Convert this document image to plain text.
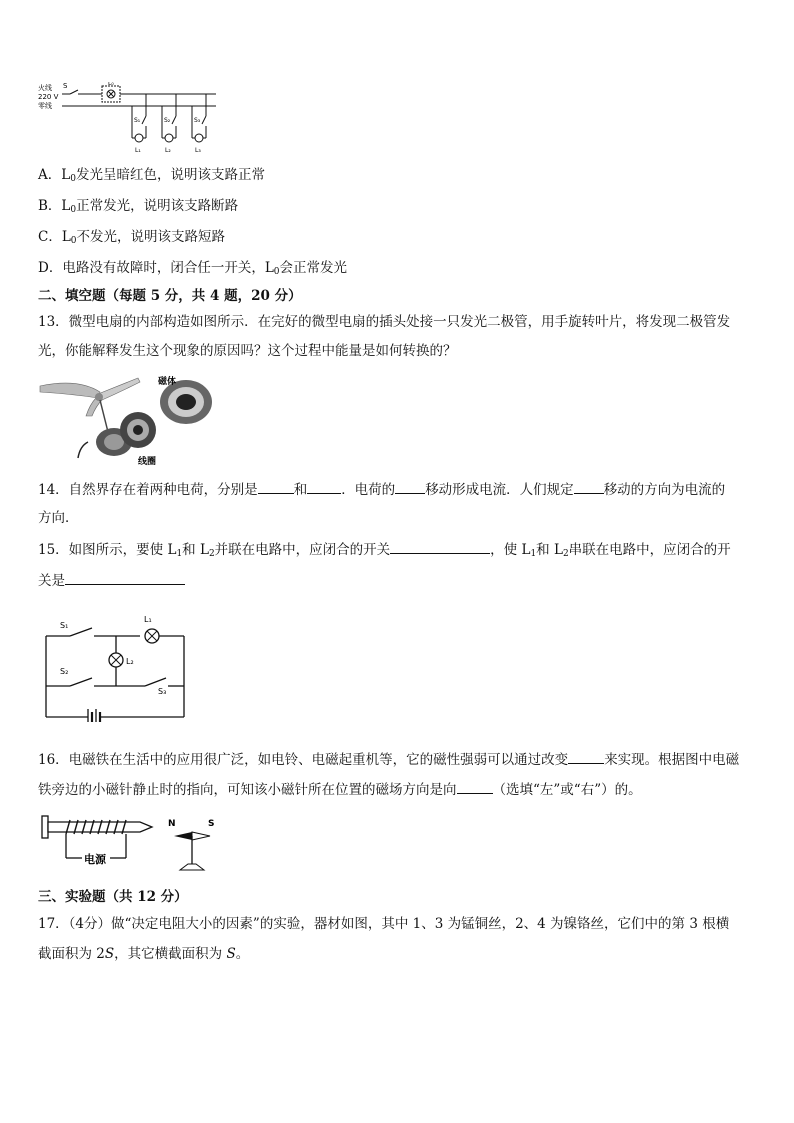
火线
220 V
零线
S	L₀
S₁
L₁
S₂
L₂
S₃
L₃
A．$L_0$发光呈暗红色，说明该支路正常
B．$L_0$正常发光，说明该支路断路
C．$L_0$不发光，说明该支路短路
D．电路没有故障时，闭合任一开关，$L_0$会正常发光
二、填空题（每题 5 分，共 4 题，20 分）
13．微型电扇的内部构造如图所示．在完好的微型电扇的插头处接一只发光二极管，用手旋转叶片，将发现二极管发
光，你能解释发生这个现象的原因吗？这个过程中能量是如何转换的？
磁体
线圈
14．自然界存在着两种电荷，分别是	和	．电荷的 移动形成电流．人们规定 移动的方向为电流的
方向．
15．如图所示，要使 $L_1$和 $L_2$并联在电路中，应闭合的开关	，使 $L_1$和 $L_2$串联在电路中，应闭合的开
关是
S₁
S₂
S₃
L₁
L₂
16．电磁铁在生活中的应用很广泛，如电铃、电磁起重机等，它的磁性强弱可以通过改变	来实现。根据图中电磁
铁旁边的小磁针静止时的指向，可知该小磁针所在位置的磁场方向是向	（选填“左”或“右”）的。
电源
N	S
三、实验题（共 12 分）
17．（4分）做“决定电阻大小的因素”的实验，器材如图，其中 1、3 为锰铜丝，2、4 为镍铬丝，它们中的第 3 根横
截面积为 2S，其它横截面积为 S。
